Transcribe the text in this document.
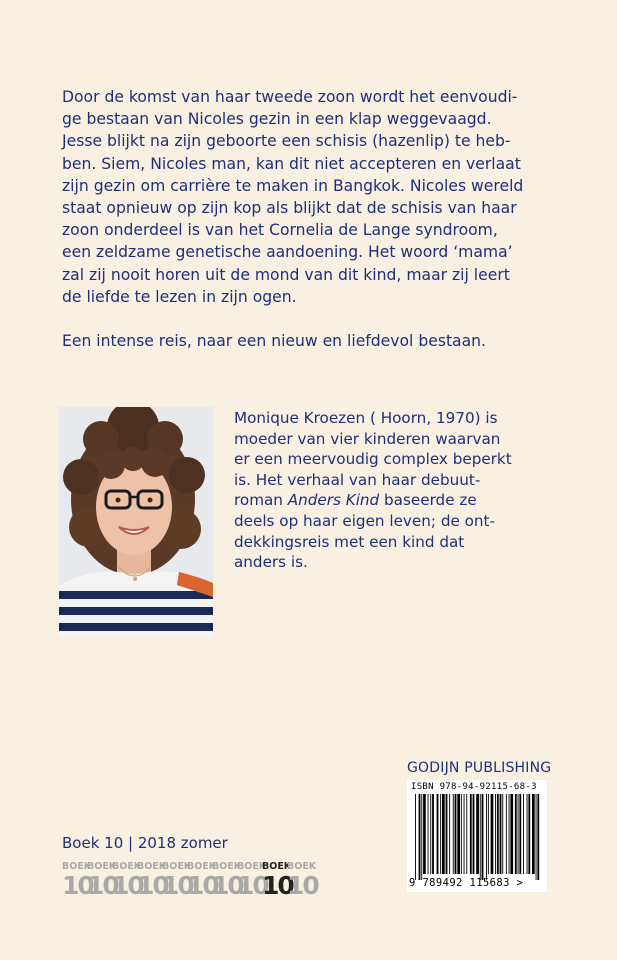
Door de komst van haar tweede zoon wordt het eenvoudi-
ge bestaan van Nicoles gezin in een klap weggevaagd.
Jesse blijkt na zijn geboorte een schisis (hazenlip) te heb-
ben. Siem, Nicoles man, kan dit niet accepteren en verlaat
zijn gezin om carrière te maken in Bangkok. Nicoles wereld
staat opnieuw op zijn kop als blijkt dat de schisis van haar
zoon onderdeel is van het Cornelia de Lange syndroom,
een zeldzame genetische aandoening. Het woord ‘mama’
zal zij nooit horen uit de mond van dit kind, maar zij leert
de liefde te lezen in zijn ogen.

Een intense reis, naar een nieuw en liefdevol bestaan.

Monique Kroezen ( Hoorn, 1970) is
moeder van vier kinderen waarvan
er een meervoudig complex beperkt
is. Het verhaal van haar debuut-
roman Anders Kind baseerde ze
deels op haar eigen leven; de ont-
dekkingsreis met een kind dat
anders is.
GODIJN PUBLISHING
ISBN 978-94-92115-68-3
9 789492 115683 >
Boek 10 | 2018 zomer
BOEK
10
BOEK
10
BOEK
10
BOEK
10
BOEK
10
BOEK
10
BOEK
10
BOEK
10
BOEK
10
BOEK
10
